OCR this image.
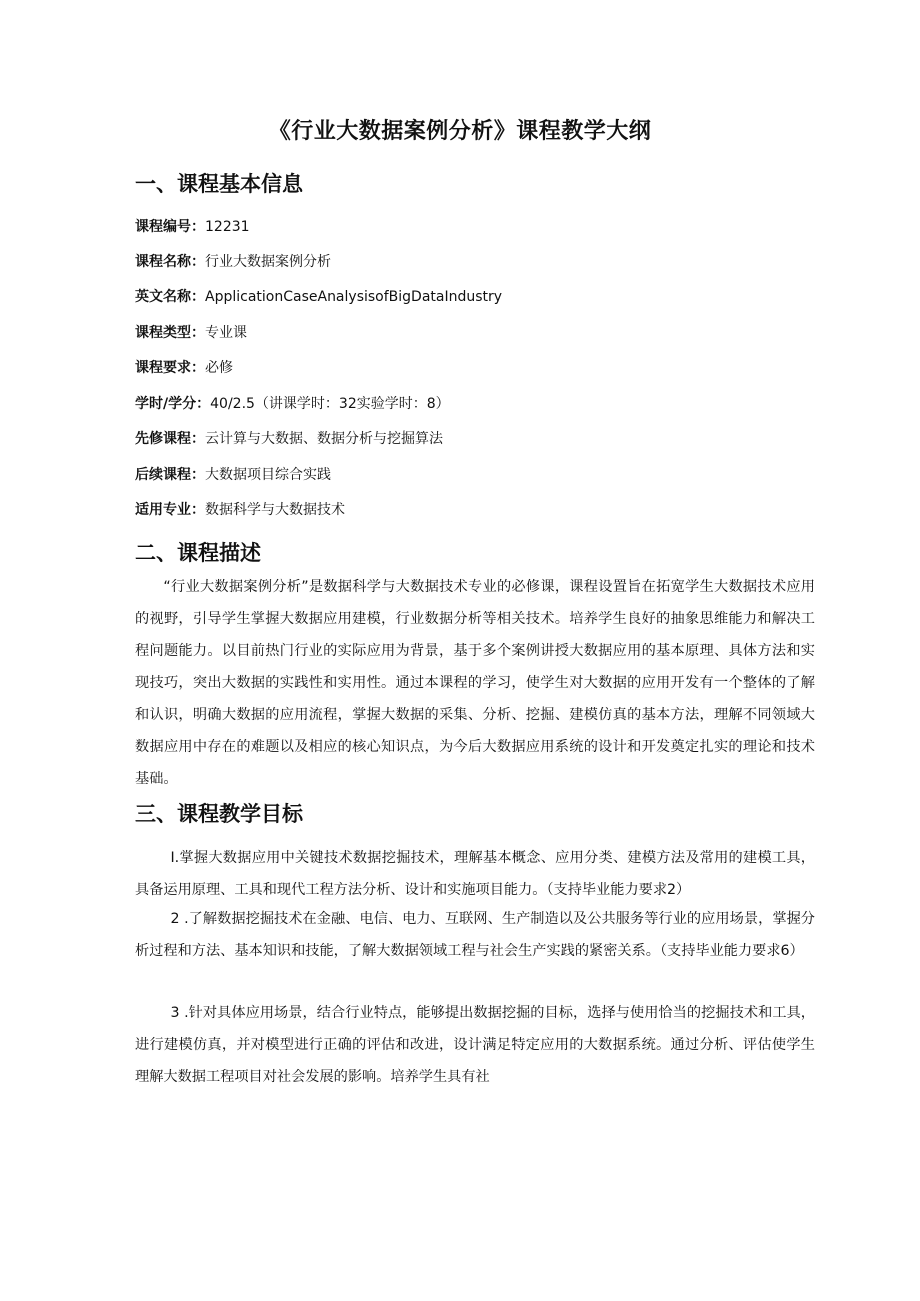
《行业大数据案例分析》课程教学大纲
一、课程基本信息
课程编号：12231
课程名称：行业大数据案例分析
英文名称：ApplicationCaseAnalysisofBigDataIndustry
课程类型：专业课
课程要求：必修
学时/学分：40/2.5（讲课学时：32实验学时：8）
先修课程：云计算与大数据、数据分析与挖掘算法
后续课程：大数据项目综合实践
适用专业：数据科学与大数据技术
二、课程描述

“行业大数据案例分析”是数据科学与大数据技术专业的必修课，课程设置旨在拓宽学生大数据技术应用的视野，引导学生掌握大数据应用建模，行业数据分析等相关技术。培养学生良好的抽象思维能力和解决工程问题能力。以目前热门行业的实际应用为背景，基于多个案例讲授大数据应用的基本原理、具体方法和实现技巧，突出大数据的实践性和实用性。通过本课程的学习，使学生对大数据的应用开发有一个整体的了解和认识，明确大数据的应用流程，掌握大数据的采集、分析、挖掘、建模仿真的基本方法，理解不同领域大数据应用中存在的难题以及相应的核心知识点，为今后大数据应用系统的设计和开发奠定扎实的理论和技术基础。

三、课程教学目标

I.掌握大数据应用中关键技术数据挖掘技术，理解基本概念、应用分类、建模方法及常用的建模工具，具备运用原理、工具和现代工程方法分析、设计和实施项目能力。（支持毕业能力要求2）

2 .了解数据挖掘技术在金融、电信、电力、互联网、生产制造以及公共服务等行业的应用场景，掌握分析过程和方法、基本知识和技能，了解大数据领域工程与社会生产实践的紧密关系。（支持毕业能力要求6）

3 .针对具体应用场景，结合行业特点，能够提出数据挖掘的目标，选择与使用恰当的挖掘技术和工具，进行建模仿真，并对模型进行正确的评估和改进，设计满足特定应用的大数据系统。通过分析、评估使学生理解大数据工程项目对社会发展的影响。培养学生具有社
